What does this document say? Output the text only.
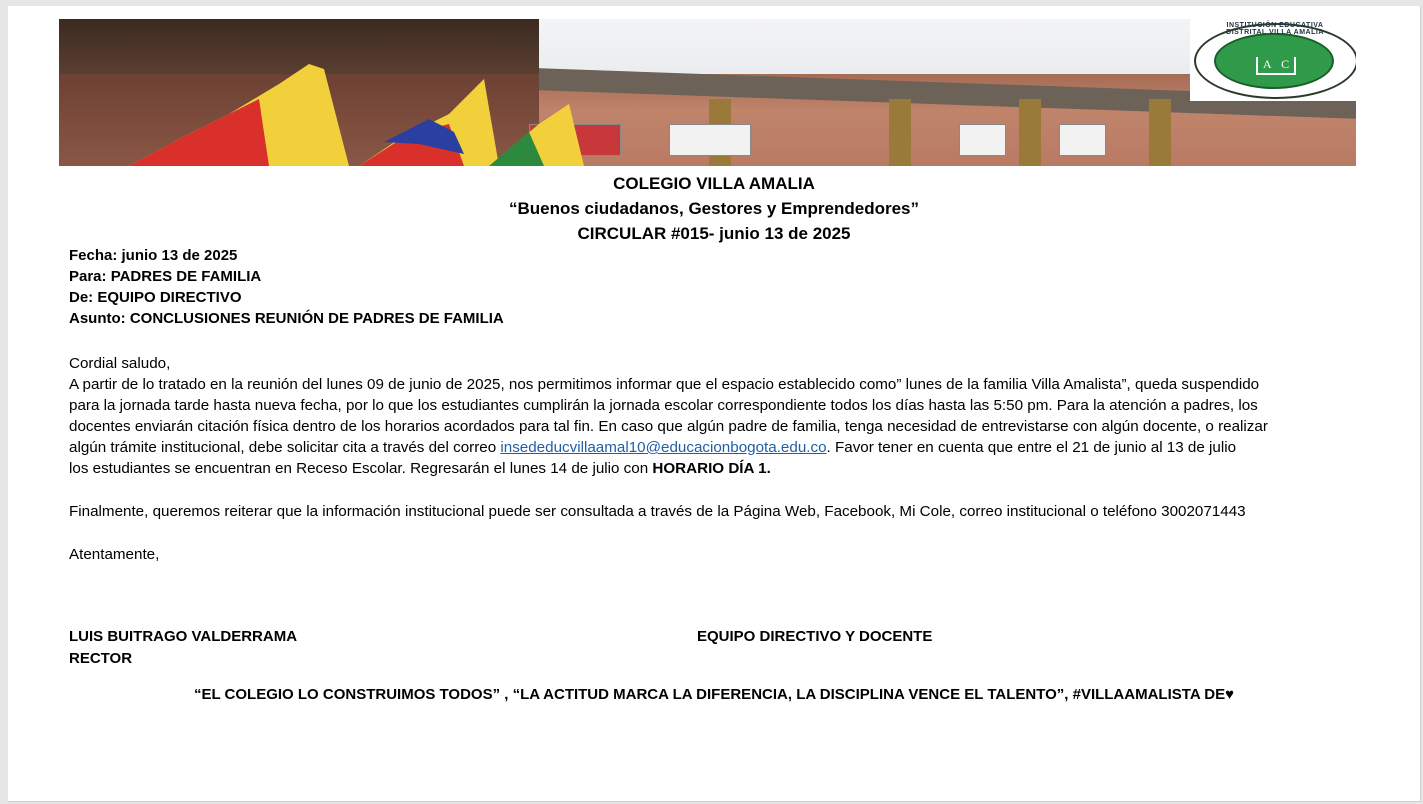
A C
INSTITUCIÓN EDUCATIVA DISTRITAL VILLA AMALIA
COLEGIO VILLA AMALIA
“Buenos ciudadanos, Gestores y Emprendedores”
CIRCULAR #015- junio 13 de 2025
Fecha: junio 13 de 2025
Para: PADRES DE FAMILIA
De: EQUIPO DIRECTIVO
Asunto: CONCLUSIONES REUNIÓN DE PADRES DE FAMILIA
Cordial saludo,
A partir de lo tratado en la reunión del lunes 09 de junio de 2025, nos permitimos informar que el espacio establecido como” lunes de la familia Villa Amalista”, queda suspendido
para la jornada tarde hasta nueva fecha, por lo que los estudiantes cumplirán la jornada escolar correspondiente todos los días hasta las 5:50 pm. Para la atención a padres, los
docentes enviarán citación física dentro de los horarios acordados para tal fin. En caso que algún padre de familia, tenga necesidad de entrevistarse con algún docente, o realizar
algún trámite institucional, debe solicitar cita a través del correo insededucvillaamal10@educacionbogota.edu.co. Favor tener en cuenta que entre el 21 de junio al 13 de julio
los estudiantes se encuentran en Receso Escolar. Regresarán el lunes 14 de julio con HORARIO DÍA 1.
Finalmente, queremos reiterar que la información institucional puede ser consultada a través de la Página Web, Facebook, Mi Cole, correo institucional o teléfono 3002071443
Atentamente,
LUIS BUITRAGO VALDERRAMA
RECTOR
EQUIPO DIRECTIVO Y DOCENTE
“EL COLEGIO LO CONSTRUIMOS TODOS” , “LA ACTITUD MARCA LA DIFERENCIA, LA DISCIPLINA VENCE EL TALENTO”, #VILLAAMALISTA DE♥
